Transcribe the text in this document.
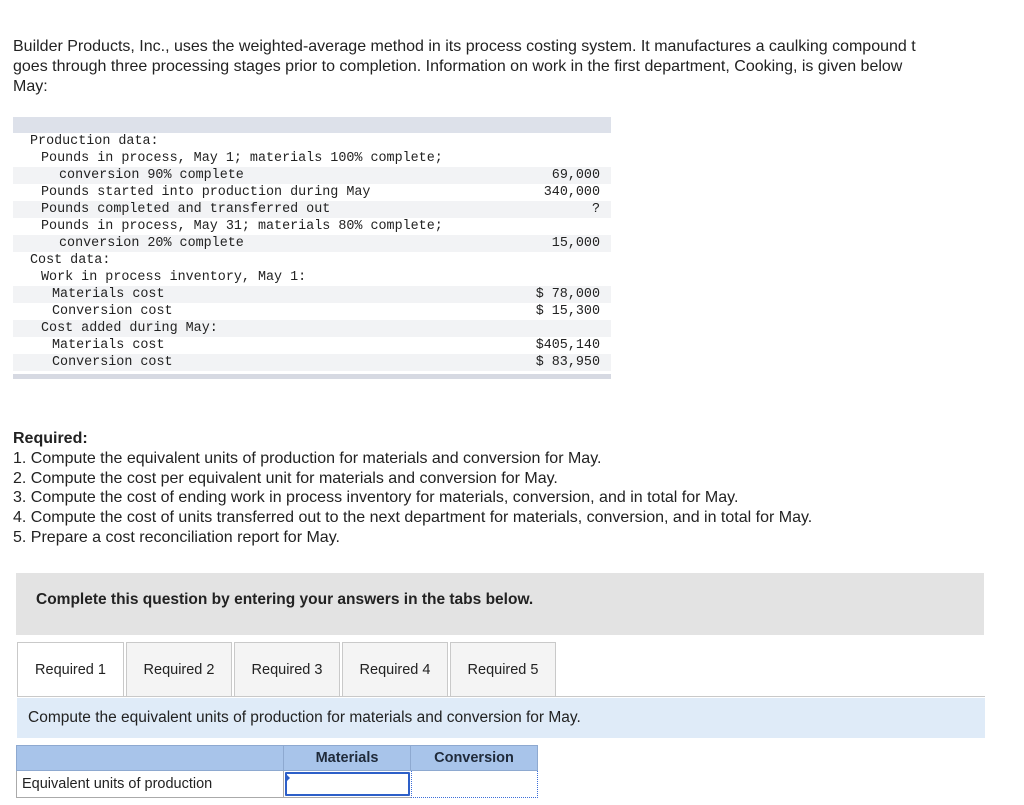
Builder Products, Inc., uses the weighted-average method in its process costing system. It manufactures a caulking compound t
goes through three processing stages prior to completion. Information on work in the first department, Cooking, is given below
May:
Production data:
Pounds in process, May 1; materials 100% complete;
conversion 90% complete	69,000
Pounds started into production during May	340,000
Pounds completed and transferred out	?
Pounds in process, May 31; materials 80% complete;
conversion 20% complete	15,000
Cost data:
Work in process inventory, May 1:
Materials cost	$ 78,000
Conversion cost	$ 15,300
Cost added during May:
Materials cost	$405,140
Conversion cost	$ 83,950
Required:
1. Compute the equivalent units of production for materials and conversion for May.
2. Compute the cost per equivalent unit for materials and conversion for May.
3. Compute the cost of ending work in process inventory for materials, conversion, and in total for May.
4. Compute the cost of units transferred out to the next department for materials, conversion, and in total for May.
5. Prepare a cost reconciliation report for May.
Complete this question by entering your answers in the tabs below.
Required 1	Required 2	Required 3	Required 4	Required 5
Compute the equivalent units of production for materials and conversion for May.
Materials	Conversion
Equivalent units of production
